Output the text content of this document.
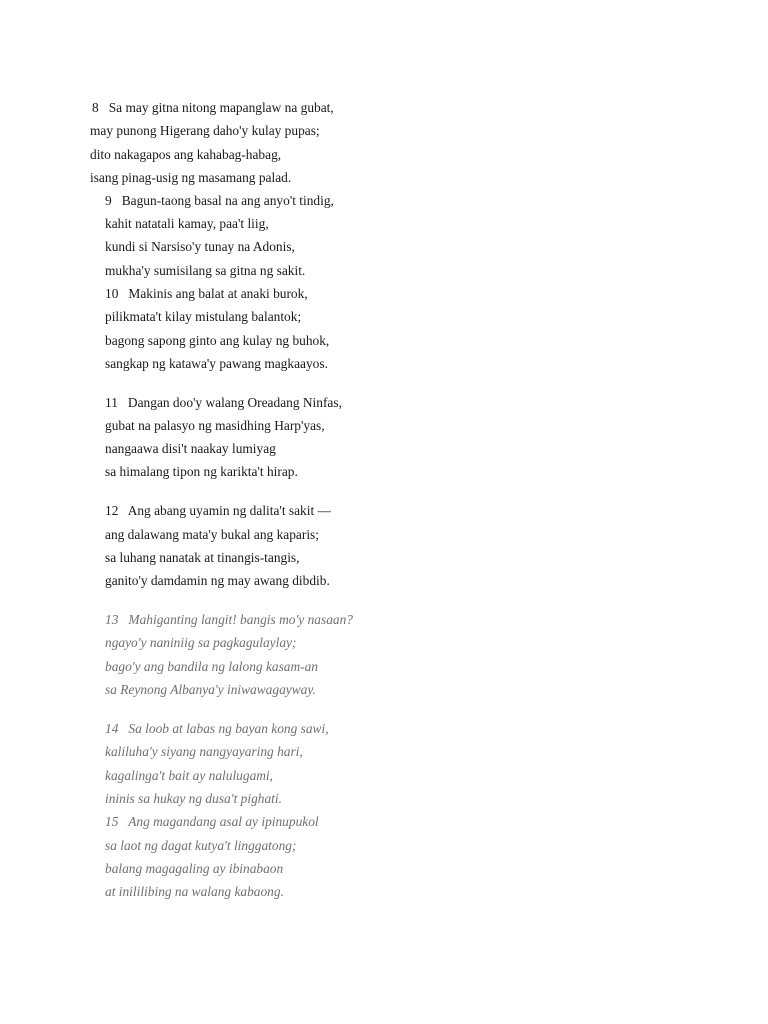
8   Sa may gitna nitong mapanglaw na gubat,
may punong Higerang daho'y kulay pupas;
dito nakagapos ang kahabag-habag,
isang pinag-usig ng masamang palad.
9   Bagun-taong basal na ang anyo't tindig,
kahit natatali kamay, paa't liig,
kundi si Narsiso'y tunay na Adonis,
mukha'y sumisilang sa gitna ng sakit.
10   Makinis ang balat at anaki burok,
pilikmata't kilay mistulang balantok;
bagong sapong ginto ang kulay ng buhok,
sangkap ng katawa'y pawang magkaayos.
11   Dangan doo'y walang Oreadang Ninfas,
gubat na palasyo ng masidhing Harp'yas,
nangaawa disi't naakay lumiyag
sa himalang tipon ng karikta't hirap.
12   Ang abang uyamin ng dalita't sakit —
ang dalawang mata'y bukal ang kaparis;
sa luhang nanatak at tinangis-tangis,
ganito'y damdamin ng may awang dibdib.
13   Mahiganting langit! bangis mo'y nasaan?
ngayo'y naniniig sa pagkagulaylay;
bago'y ang bandila ng lalong kasam-an
sa Reynong Albanya'y iniwawagayway.
14   Sa loob at labas ng bayan kong sawi,
kaliluha'y siyang nangyayaring hari,
kagalinga't bait ay nalulugami,
ininis sa hukay ng dusa't pighati.
15   Ang magandang asal ay ipinupukol
sa laot ng dagat kutya't linggatong;
balang magagaling ay ibinabaon
at inililibing na walang kabaong.
